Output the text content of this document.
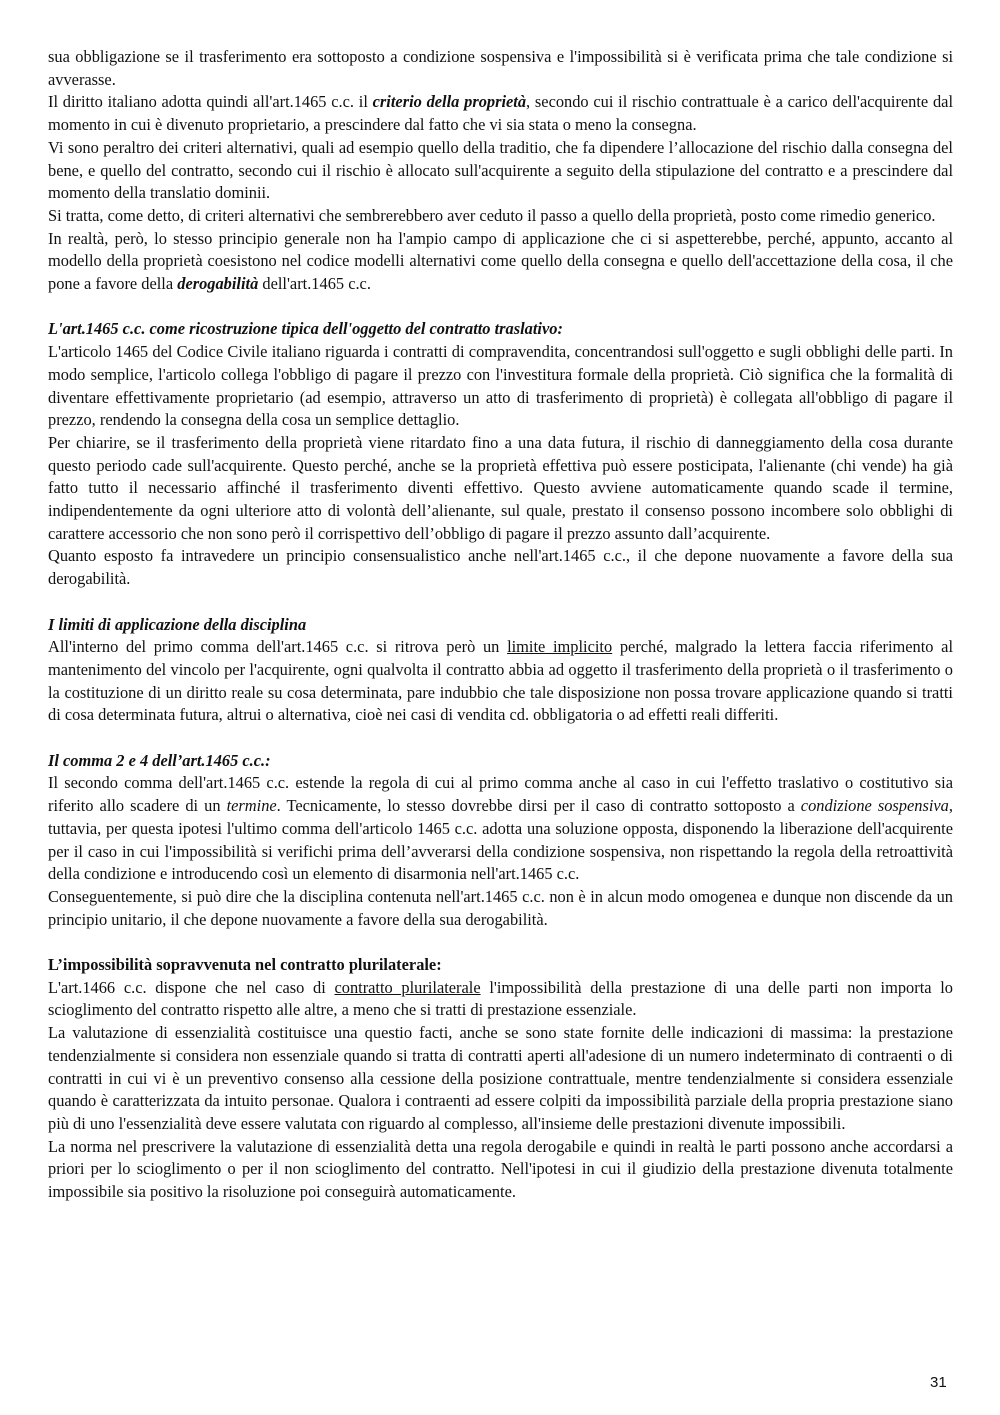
sua obbligazione se il trasferimento era sottoposto a condizione sospensiva e l'impossibilità si è verificata prima che tale condizione si avverasse.

Il diritto italiano adotta quindi all'art.1465 c.c. il criterio della proprietà, secondo cui il rischio contrattuale è a carico dell'acquirente dal momento in cui è divenuto proprietario, a prescindere dal fatto che vi sia stata o meno la consegna.

Vi sono peraltro dei criteri alternativi, quali ad esempio quello della traditio, che fa dipendere l’allocazione del rischio dalla consegna del bene, e quello del contratto, secondo cui il rischio è allocato sull'acquirente a seguito della stipulazione del contratto e a prescindere dal momento della translatio dominii.

Si tratta, come detto, di criteri alternativi che sembrerebbero aver ceduto il passo a quello della proprietà, posto come rimedio generico.

In realtà, però, lo stesso principio generale non ha l'ampio campo di applicazione che ci si aspetterebbe, perché, appunto, accanto al modello della proprietà coesistono nel codice modelli alternativi come quello della consegna e quello dell'accettazione della cosa, il che pone a favore della derogabilità dell'art.1465 c.c.

L'art.1465 c.c. come ricostruzione tipica dell'oggetto del contratto traslativo:

L'articolo 1465 del Codice Civile italiano riguarda i contratti di compravendita, concentrandosi sull'oggetto e sugli obblighi delle parti. In modo semplice, l'articolo collega l'obbligo di pagare il prezzo con l'investitura formale della proprietà. Ciò significa che la formalità di diventare effettivamente proprietario (ad esempio, attraverso un atto di trasferimento di proprietà) è collegata all'obbligo di pagare il prezzo, rendendo la consegna della cosa un semplice dettaglio.

Per chiarire, se il trasferimento della proprietà viene ritardato fino a una data futura, il rischio di danneggiamento della cosa durante questo periodo cade sull'acquirente. Questo perché, anche se la proprietà effettiva può essere posticipata, l'alienante (chi vende) ha già fatto tutto il necessario affinché il trasferimento diventi effettivo. Questo avviene automaticamente quando scade il termine, indipendentemente da ogni ulteriore atto di volontà dell’alienante, sul quale, prestato il consenso possono incombere solo obblighi di carattere accessorio che non sono però il corrispettivo dell’obbligo di pagare il prezzo assunto dall’acquirente.

Quanto esposto fa intravedere un principio consensualistico anche nell'art.1465 c.c., il che depone nuovamente a favore della sua derogabilità.

I limiti di applicazione della disciplina

All'interno del primo comma dell'art.1465 c.c. si ritrova però un limite implicito perché, malgrado la lettera faccia riferimento al mantenimento del vincolo per l'acquirente, ogni qualvolta il contratto abbia ad oggetto il trasferimento della proprietà o il trasferimento o la costituzione di un diritto reale su cosa determinata, pare indubbio che tale disposizione non possa trovare applicazione quando si tratti di cosa determinata futura, altrui o alternativa, cioè nei casi di vendita cd. obbligatoria o ad effetti reali differiti.

Il comma 2 e 4 dell’art.1465 c.c.:

Il secondo comma dell'art.1465 c.c. estende la regola di cui al primo comma anche al caso in cui l'effetto traslativo o costitutivo sia riferito allo scadere di un termine. Tecnicamente, lo stesso dovrebbe dirsi per il caso di contratto sottoposto a condizione sospensiva, tuttavia, per questa ipotesi l'ultimo comma dell'articolo 1465 c.c. adotta una soluzione opposta, disponendo la liberazione dell'acquirente per il caso in cui l'impossibilità si verifichi prima dell’avverarsi della condizione sospensiva, non rispettando la regola della retroattività della condizione e introducendo così un elemento di disarmonia nell'art.1465 c.c.

Conseguentemente, si può dire che la disciplina contenuta nell'art.1465 c.c. non è in alcun modo omogenea e dunque non discende da un principio unitario, il che depone nuovamente a favore della sua derogabilità.

L’impossibilità sopravvenuta nel contratto plurilaterale:

L'art.1466 c.c. dispone che nel caso di contratto plurilaterale l'impossibilità della prestazione di una delle parti non importa lo scioglimento del contratto rispetto alle altre, a meno che si tratti di prestazione essenziale.

La valutazione di essenzialità costituisce una questio facti, anche se sono state fornite delle indicazioni di massima: la prestazione tendenzialmente si considera non essenziale quando si tratta di contratti aperti all'adesione di un numero indeterminato di contraenti o di contratti in cui vi è un preventivo consenso alla cessione della posizione contrattuale, mentre tendenzialmente si considera essenziale quando è caratterizzata da intuito personae. Qualora i contraenti ad essere colpiti da impossibilità parziale della propria prestazione siano più di uno l'essenzialità deve essere valutata con riguardo al complesso, all'insieme delle prestazioni divenute impossibili.

La norma nel prescrivere la valutazione di essenzialità detta una regola derogabile e quindi in realtà le parti possono anche accordarsi a priori per lo scioglimento o per il non scioglimento del contratto. Nell'ipotesi in cui il giudizio della prestazione divenuta totalmente impossibile sia positivo la risoluzione poi conseguirà automaticamente.

31
